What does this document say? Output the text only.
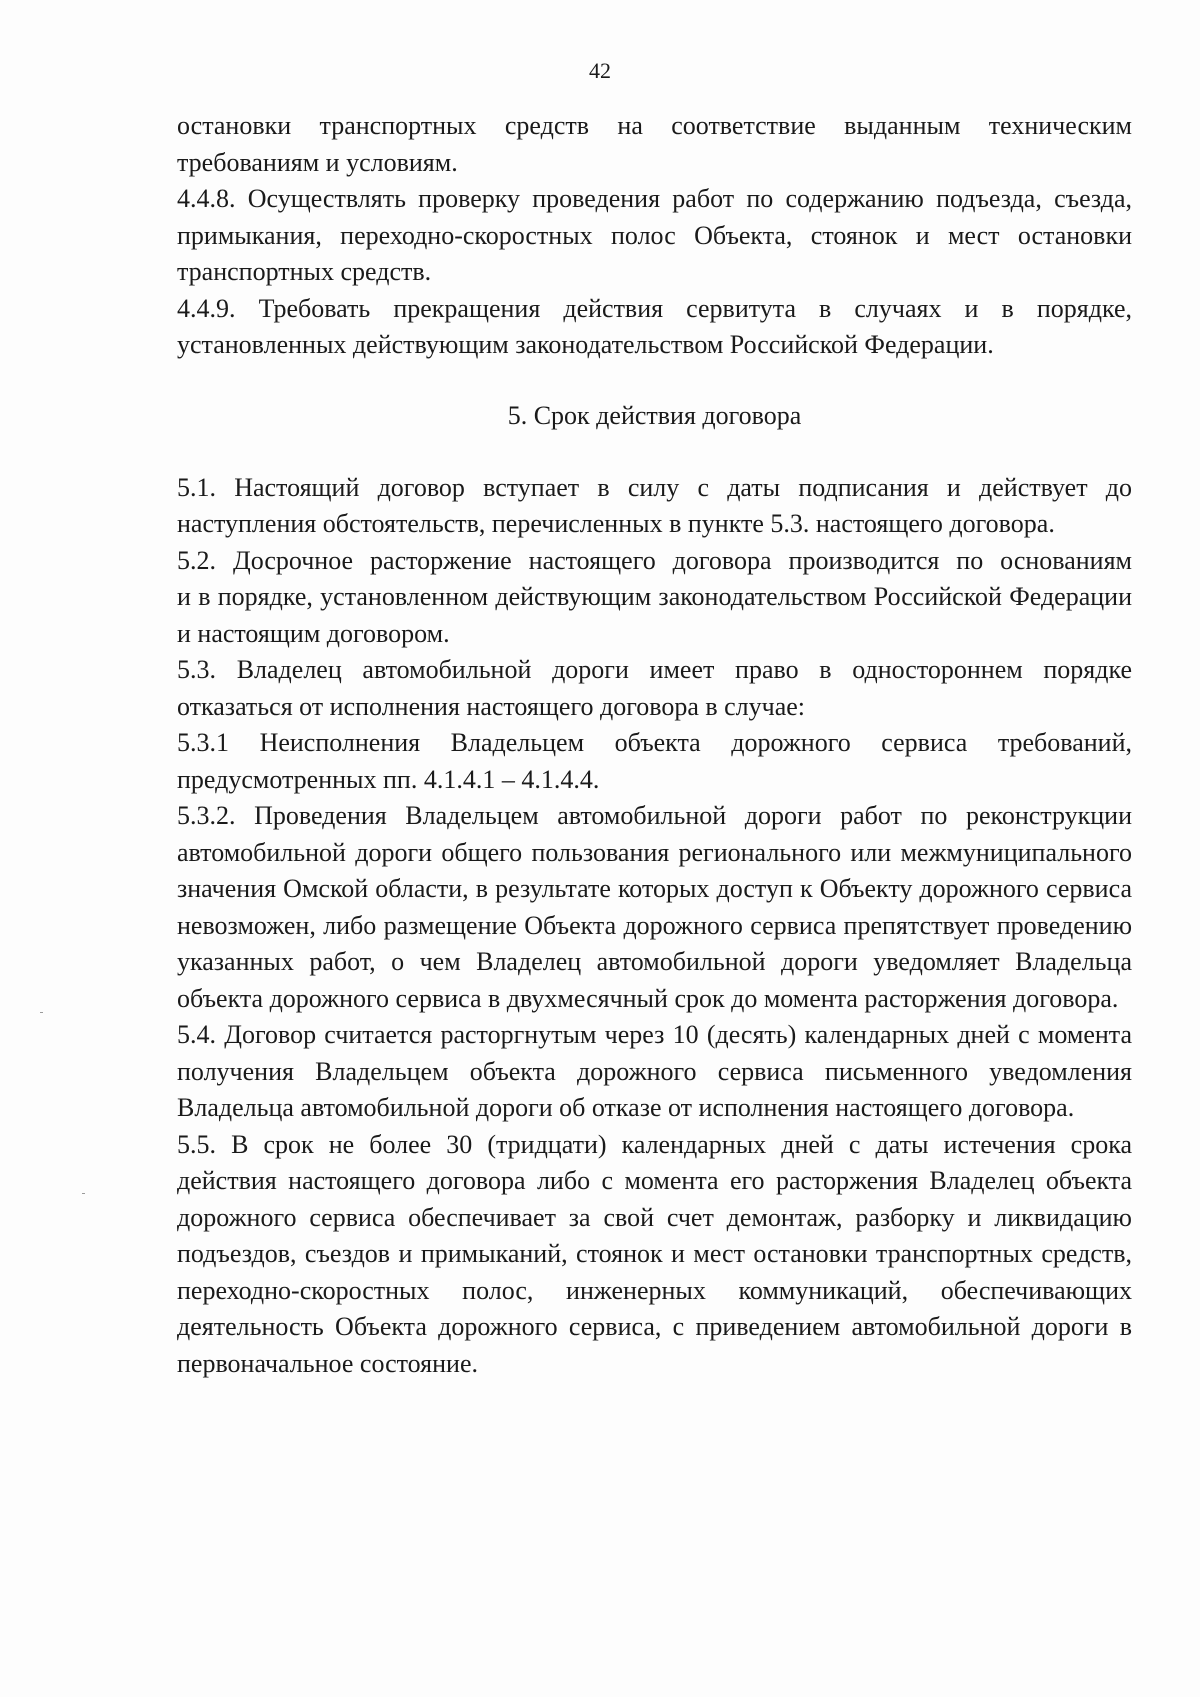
42

остановки транспортных средств на соответствие выданным техническим требованиям и условиям.

4.4.8. Осуществлять проверку проведения работ по содержанию подъезда, съезда, примыкания, переходно-скоростных полос Объекта, стоянок и мест остановки транспортных средств.

4.4.9. Требовать прекращения действия сервитута в случаях и в порядке, установленных действующим законодательством Российской Федерации.

5. Срок действия договора

5.1. Настоящий договор вступает в силу с даты подписания и действует до наступления обстоятельств, перечисленных в пункте 5.3. настоящего договора.

5.2. Досрочное расторжение настоящего договора производится по основаниям

и в порядке, установленном действующим законодательством Российской Федерации и настоящим договором.

5.3. Владелец автомобильной дороги имеет право в одностороннем порядке отказаться от исполнения настоящего договора в случае:

5.3.1 Неисполнения Владельцем объекта дорожного сервиса требований, предусмотренных пп. 4.1.4.1 – 4.1.4.4.

5.3.2. Проведения Владельцем автомобильной дороги работ по реконструкции автомобильной дороги общего пользования регионального или межмуниципального значения Омской области, в результате которых доступ к Объекту дорожного сервиса невозможен, либо размещение Объекта дорожного сервиса препятствует проведению указанных работ, о чем Владелец автомобильной дороги уведомляет Владельца объекта дорожного сервиса в двухмесячный срок до момента расторжения договора.

5.4. Договор считается расторгнутым через 10 (десять) календарных дней с момента получения Владельцем объекта дорожного сервиса письменного уведомления Владельца автомобильной дороги об отказе от исполнения настоящего договора.

5.5. В срок не более 30 (тридцати) календарных дней с даты истечения срока действия настоящего договора либо с момента его расторжения Владелец объекта дорожного сервиса обеспечивает за свой счет демонтаж, разборку и ликвидацию подъездов, съездов и примыканий, стоянок и мест остановки транспортных средств, переходно-скоростных полос, инженерных коммуникаций, обеспечивающих деятельность Объекта дорожного сервиса, с приведением автомобильной дороги в первоначальное состояние.
